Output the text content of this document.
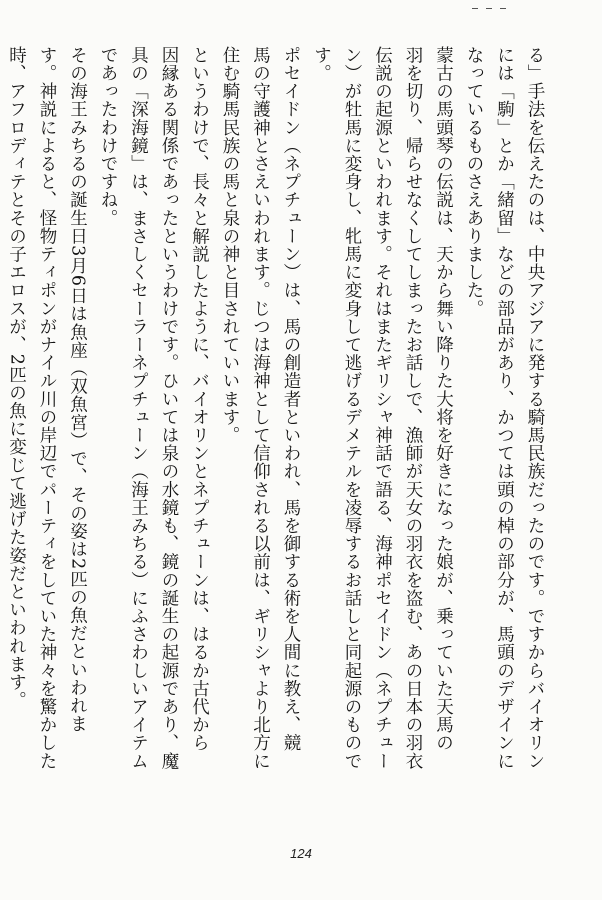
る」手法を伝えたのは、中央アジアに発する騎馬民族だったのです。ですからバイオリン
には「駒」とか「緒留」などの部品があり、かつては頭の棹の部分が、馬頭のデザインに
なっているものさえありました。
蒙古の馬頭琴の伝説は、天から舞い降りた大将を好きになった娘が、乗っていた天馬の
羽を切り、帰らせなくしてしまったお話しで、漁師が天女の羽衣を盗む、あの日本の羽衣
伝説の起源といわれます。それはまたギリシャ神話で語る、海神ポセイドン（ネプチュー
ン）が牡馬に変身し、牝馬に変身して逃げるデメテルを凌辱するお話しと同起源のもので
す。
ポセイドン（ネプチューン）は、馬の創造者といわれ、馬を御する術を人間に教え、競
馬の守護神とさえいわれます。じつは海神として信仰される以前は、ギリシャより北方に
住む騎馬民族の馬と泉の神と目されていいます。
というわけで、長々と解説したように、バイオリンとネプチューンは、はるか古代から
因縁ある関係であったというわけです。ひいては泉の水鏡も、鏡の誕生の起源であり、魔
具の「深海鏡」は、まさしくセーラーネプチューン（海王みちる）にふさわしいアイテム
であったわけですね。
その海王みちるの誕生日3月6日は魚座（双魚宮）で、その姿は2匹の魚だといわれま
す。神説によると、怪物ティポンがナイル川の岸辺でパーティをしていた神々を驚かした
時、アフロディテとその子エロスが、2匹の魚に変じて逃げた姿だといわれます。
124
